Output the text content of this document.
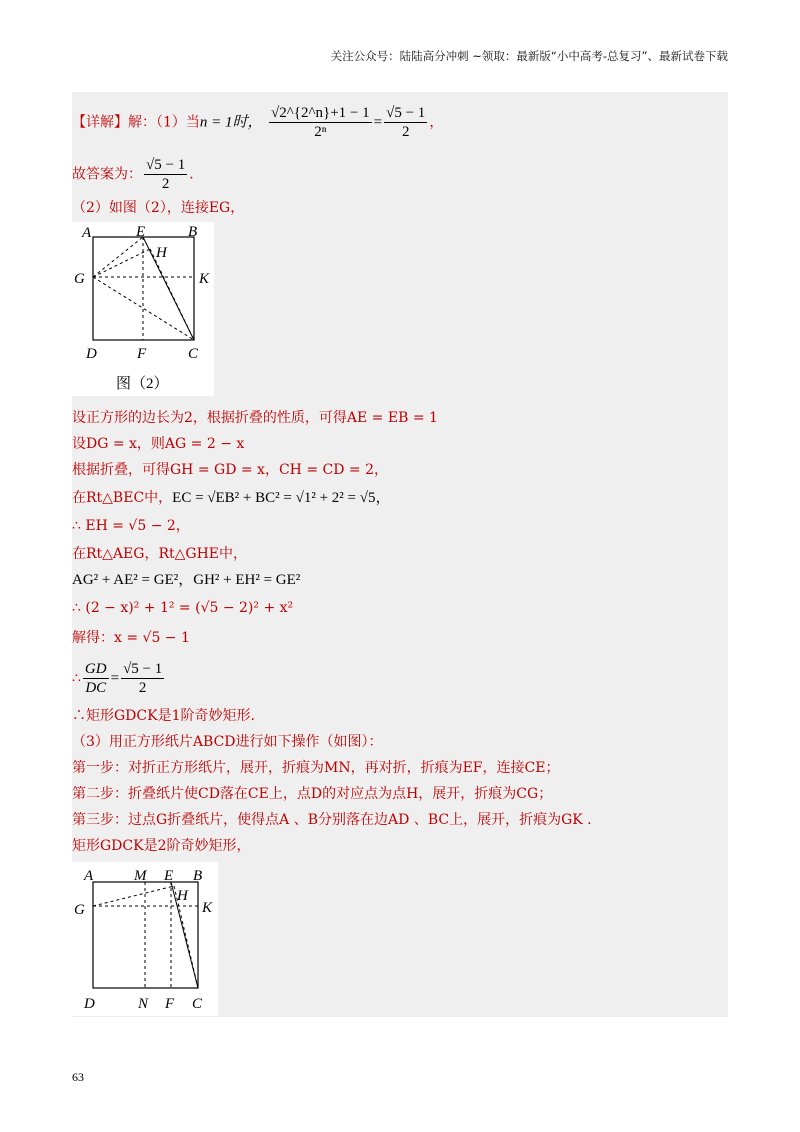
关注公众号：陆陆高分冲刺 ~领取：最新版“小中高考-总复习”、最新试卷下载
【详解】解：（1）当n = 1时， $\frac{√2\^{}\{2\^{}n\}+1 - 1}{\text{2ⁿ}} = \frac{√5 - 1}{2}$ ，
故答案为： $\frac{√5 - 1}{2}$ .
（2）如图（2），连接EG，
A	E	B
H
G	K
D	F	C
图（2）
设正方形的边长为2，根据折叠的性质，可得AE = EB = 1
设DG = x，则AG = 2 − x
根据折叠，可得GH = GD = x，CH = CD = 2，
在Rt△BEC中，EC = √EB² + BC² = √1² + 2² = √5，
∴ EH = √5 − 2，
在Rt△AEG，Rt△GHE中，
AG² + AE² = GE²，GH² + EH² = GE²
∴ (2 − x)² + 1² = (√5 − 2)² + x²
解得：x = √5 − 1
∴ $\frac{GD}{DC} = \frac{√5 - 1}{2}$
∴矩形GDCK是1阶奇妙矩形.
（3）用正方形纸片ABCD进行如下操作（如图）：
第一步：对折正方形纸片，展开，折痕为MN，再对折，折痕为EF，连接CE；
第二步：折叠纸片使CD落在CE上，点D的对应点为点H，展开，折痕为CG；
第三步：过点G折叠纸片，使得点A 、B分别落在边AD 、BC上，展开，折痕为GK .
矩形GDCK是2阶奇妙矩形，
A	M E B
H
G	K
D	N F C
63
